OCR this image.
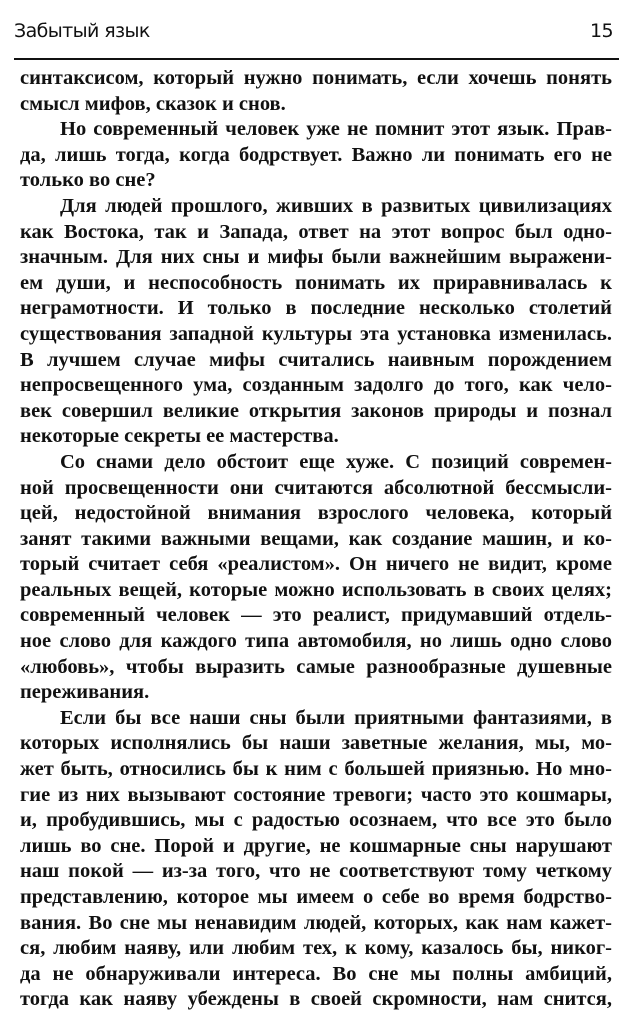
Забытый язык	15
синтаксисом, который нужно понимать, если хочешь понять
смысл мифов, сказок и снов.
Но современный человек уже не помнит этот язык. Прав-
да, лишь тогда, когда бодрствует. Важно ли понимать его не
только во сне?
Для людей прошлого, живших в развитых цивилизациях
как Востока, так и Запада, ответ на этот вопрос был одно-
значным. Для них сны и мифы были важнейшим выражени-
ем души, и неспособность понимать их приравнивалась к
неграмотности. И только в последние несколько столетий
существования западной культуры эта установка изменилась.
В лучшем случае мифы считались наивным порождением
непросвещенного ума, созданным задолго до того, как чело-
век совершил великие открытия законов природы и познал
некоторые секреты ее мастерства.
Со снами дело обстоит еще хуже. С позиций современ-
ной просвещенности они считаются абсолютной бессмысли-
цей, недостойной внимания взрослого человека, который
занят такими важными вещами, как создание машин, и ко-
торый считает себя «реалистом». Он ничего не видит, кроме
реальных вещей, которые можно использовать в своих целях;
современный человек — это реалист, придумавший отдель-
ное слово для каждого типа автомобиля, но лишь одно слово
«любовь», чтобы выразить самые разнообразные душевные
переживания.
Если бы все наши сны были приятными фантазиями, в
которых исполнялись бы наши заветные желания, мы, мо-
жет быть, относились бы к ним с большей приязнью. Но мно-
гие из них вызывают состояние тревоги; часто это кошмары,
и, пробудившись, мы с радостью осознаем, что все это было
лишь во сне. Порой и другие, не кошмарные сны нарушают
наш покой — из-за того, что не соответствуют тому четкому
представлению, которое мы имеем о себе во время бодрство-
вания. Во сне мы ненавидим людей, которых, как нам кажет-
ся, любим наяву, или любим тех, к кому, казалось бы, никог-
да не обнаруживали интереса. Во сне мы полны амбиций,
тогда как наяву убеждены в своей скромности, нам снится,
